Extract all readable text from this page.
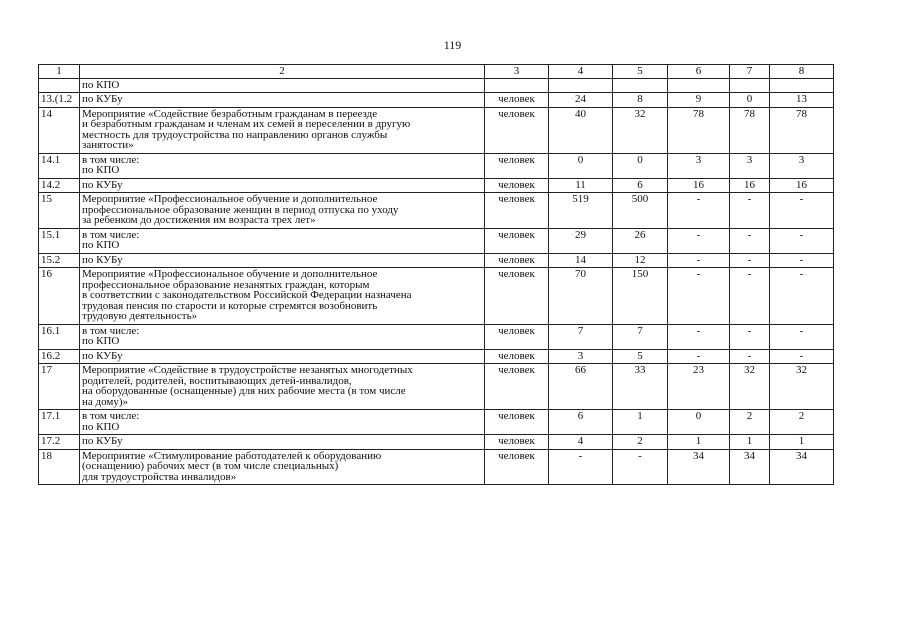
119
1	2	3	4	5	6	7	8

	по КПО						

13.(1.2	по КУБу	человек	24	8	9	0	13
14	Мероприятие «Содействие безработным гражданам в переезде
и безработным гражданам и членам их семей в переселении в другую
местность для трудоустройства по направлению органов службы
занятости»	человек	40	32	78	78	78
14.1	в том числе:
по КПО	человек	0	0	3	3	3
14.2	по КУБу	человек	11	6	16	16	16
15	Мероприятие «Профессиональное обучение и дополнительное
профессиональное образование женщин в период отпуска по уходу
за ребенком до достижения им возраста трех лет»	человек	519	500	-	-	-
15.1	в том числе:
по КПО	человек	29	26	-	-	-
15.2	по КУБу	человек	14	12	-	-	-
16	Мероприятие «Профессиональное обучение и дополнительное
профессиональное образование незанятых граждан, которым
в соответствии с законодательством Российской Федерации назначена
трудовая пенсия по старости и которые стремятся возобновить
трудовую деятельность»	человек	70	150	-	-	-
16.1	в том числе:
по КПО	человек	7	7	-	-	-
16.2	по КУБу	человек	3	5	-	-	-
17	Мероприятие «Содействие в трудоустройстве незанятых многодетных
родителей, родителей, воспитывающих детей-инвалидов,
на оборудованные (оснащенные) для них рабочие места (в том числе
на дому)»	человек	66	33	23	32	32
17.1	в том числе:
по КПО	человек	6	1	0	2	2
17.2	по КУБу	человек	4	2	1	1	1
18	Мероприятие «Стимулирование работодателей к оборудованию
(оснащению) рабочих мест (в том числе специальных)
для трудоустройства инвалидов»	человек	-	-	34	34	34
